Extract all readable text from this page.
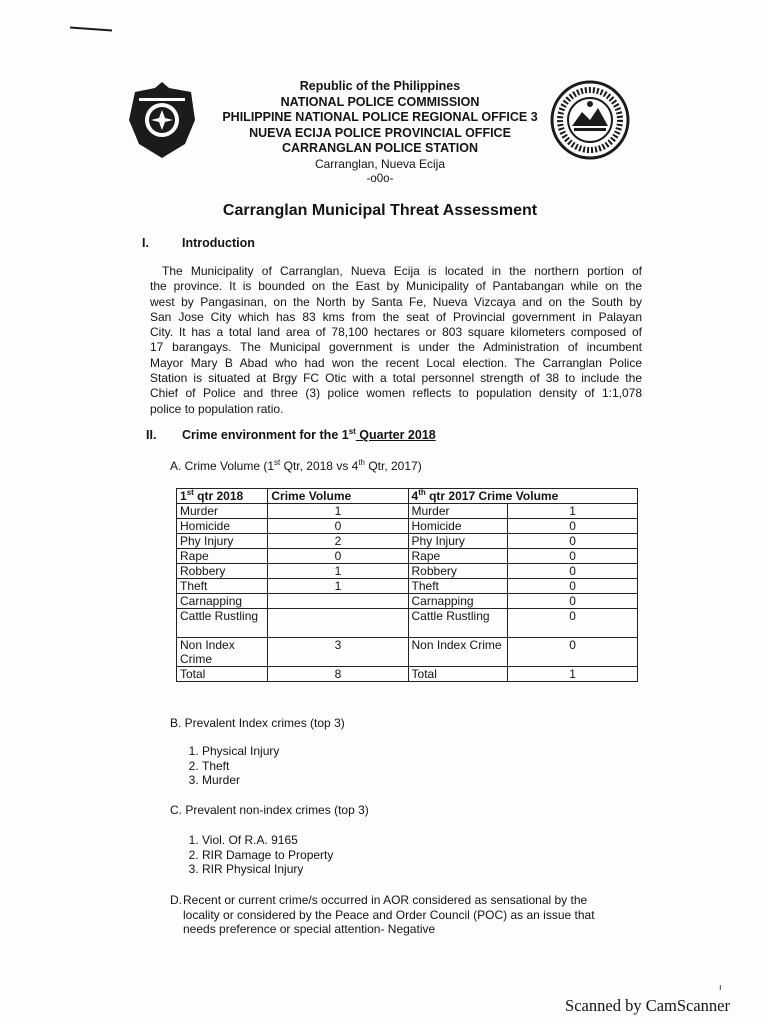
Republic of the Philippines
NATIONAL POLICE COMMISSION
PHILIPPINE NATIONAL POLICE REGIONAL OFFICE 3
NUEVA ECIJA POLICE PROVINCIAL OFFICE
CARRANGLAN POLICE STATION
Carranglan, Nueva Ecija
-o0o-
Carranglan Municipal Threat Assessment
I.	Introduction
The Municipality of Carranglan, Nueva Ecija is located in the northern portion of
the province. It is bounded on the East by Municipality of Pantabangan while on the
west by Pangasinan, on the North by Santa Fe, Nueva Vizcaya and on the South by
San Jose City which has 83 kms from the seat of Provincial government in Palayan
City. It has a total land area of 78,100 hectares or 803 square kilometers composed of
17 barangays. The Municipal government is under the Administration of incumbent
Mayor Mary B Abad who had won the recent Local election. The Carranglan Police
Station is situated at Brgy FC Otic with a total personnel strength of 38 to include the
Chief of Police and three (3) police women reflects to population density of 1:1,078
police to population ratio.
II. Crime environment for the 1st Quarter 2018
A. Crime Volume (1st Qtr, 2018 vs 4th Qtr, 2017)
1st qtr 2018	Crime Volume	4th qtr 2017 Crime Volume	
Murder	1	Murder	1
Homicide	0	Homicide	0
Phy Injury	2	Phy Injury	0
Rape	0	Rape	0
Robbery	1	Robbery	0
Theft	1	Theft	0
Carnapping		Carnapping	0
Cattle Rustling		Cattle Rustling	0
Non Index Crime	3	Non Index Crime	0
Total	8	Total	1
B. Prevalent Index crimes (top 3)
1. Physical Injury
2. Theft
3. Murder
C. Prevalent non-index crimes (top 3)
1. Viol. Of R.A. 9165
2. RIR Damage to Property
3. RIR Physical Injury
D. Recent or current crime/s occurred in AOR considered as sensational by the
locality or considered by the Peace and Order Council (POC) as an issue that
needs preference or special attention- Negative
ı
Scanned by CamScanner
